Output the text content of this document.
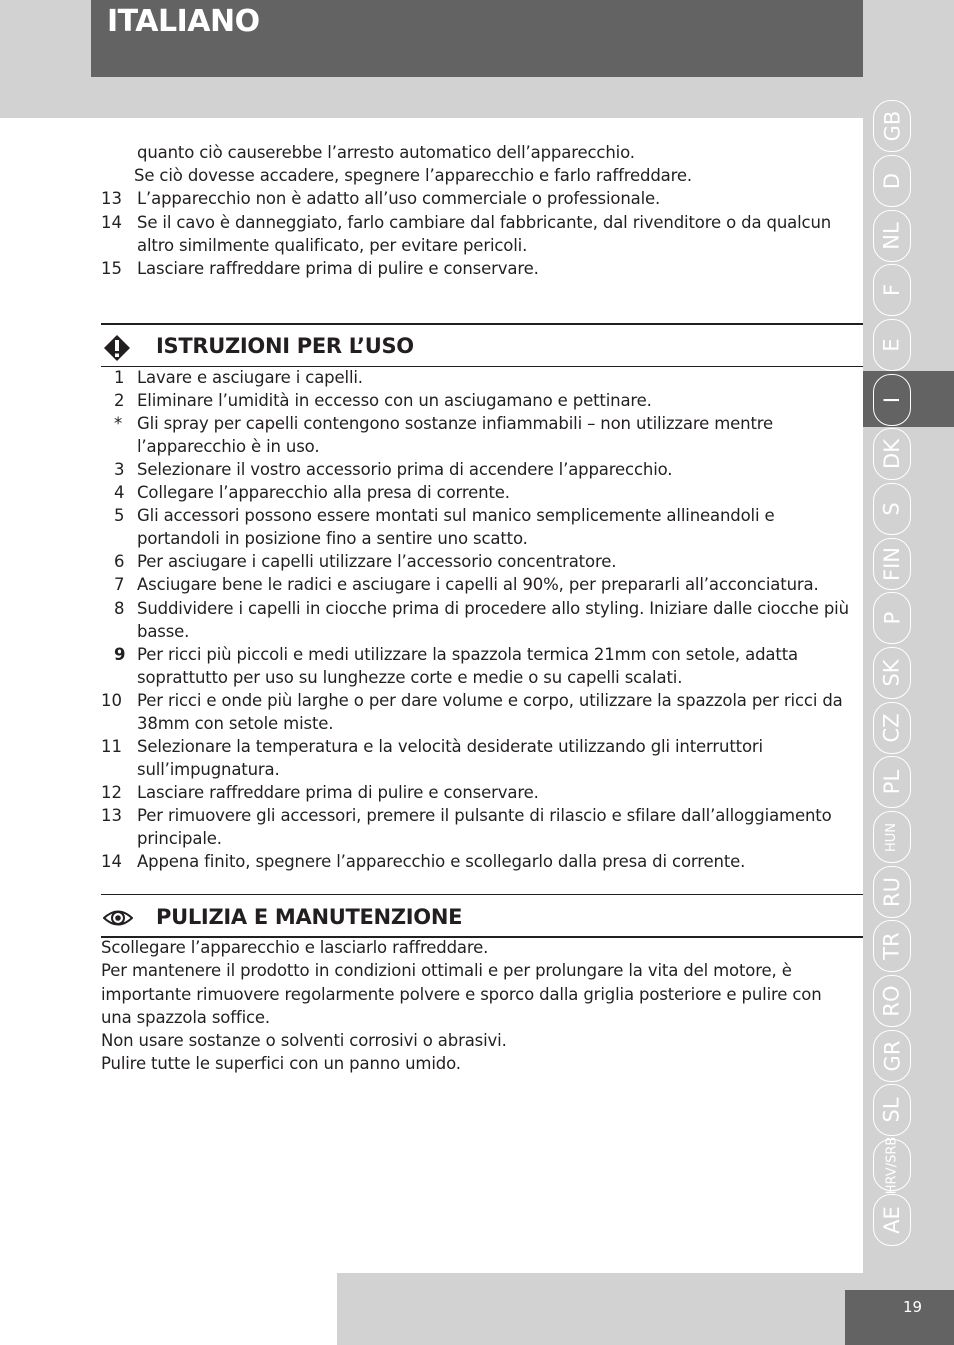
ITALIANO
quanto ciò causerebbe l’arresto automatico dell’apparecchio.
Se ciò dovesse accadere, spegnere l’apparecchio e farlo raffreddare.
13 L’apparecchio non è adatto all’uso commerciale o professionale.
14 Se il cavo è danneggiato, farlo cambiare dal fabbricante, dal rivenditore o da qualcun
altro similmente qualificato, per evitare pericoli.
15 Lasciare raffreddare prima di pulire e conservare.
ISTRUZIONI PER L’USO
1 Lavare e asciugare i capelli.
2 Eliminare l’umidità in eccesso con un asciugamano e pettinare.
* Gli spray per capelli contengono sostanze infiammabili – non utilizzare mentre
l’apparecchio è in uso.
3 Selezionare il vostro accessorio prima di accendere l’apparecchio.
4 Collegare l’apparecchio alla presa di corrente.
5 Gli accessori possono essere montati sul manico semplicemente allineandoli e
portandoli in posizione fino a sentire uno scatto.
6 Per asciugare i capelli utilizzare l’accessorio concentratore.
7 Asciugare bene le radici e asciugare i capelli al 90%, per prepararli all’acconciatura.
8 Suddividere i capelli in ciocche prima di procedere allo styling. Iniziare dalle ciocche più
basse.
9 Per ricci più piccoli e medi utilizzare la spazzola termica 21mm con setole, adatta
soprattutto per uso su lunghezze corte e medie o su capelli scalati.
10 Per ricci e onde più larghe o per dare volume e corpo, utilizzare la spazzola per ricci da
38mm con setole miste.
11 Selezionare la temperatura e la velocità desiderate utilizzando gli interruttori
sull’impugnatura.
12 Lasciare raffreddare prima di pulire e conservare.
13 Per rimuovere gli accessori, premere il pulsante di rilascio e sfilare dall’alloggiamento
principale.
14 Appena finito, spegnere l’apparecchio e scollegarlo dalla presa di corrente.
PULIZIA E MANUTENZIONE
Scollegare l’apparecchio e lasciarlo raffreddare.
Per mantenere il prodotto in condizioni ottimali e per prolungare la vita del motore, è
importante rimuovere regolarmente polvere e sporco dalla griglia posteriore e pulire con
una spazzola soffice.
Non usare sostanze o solventi corrosivi o abrasivi.
Pulire tutte le superfici con un panno umido.
GB
D
NL
F
E
I
DK
S
FIN
P
SK
CZ
PL
HUN
RU
TR
RO
GR
SL
HRV/SRB
AE
19
